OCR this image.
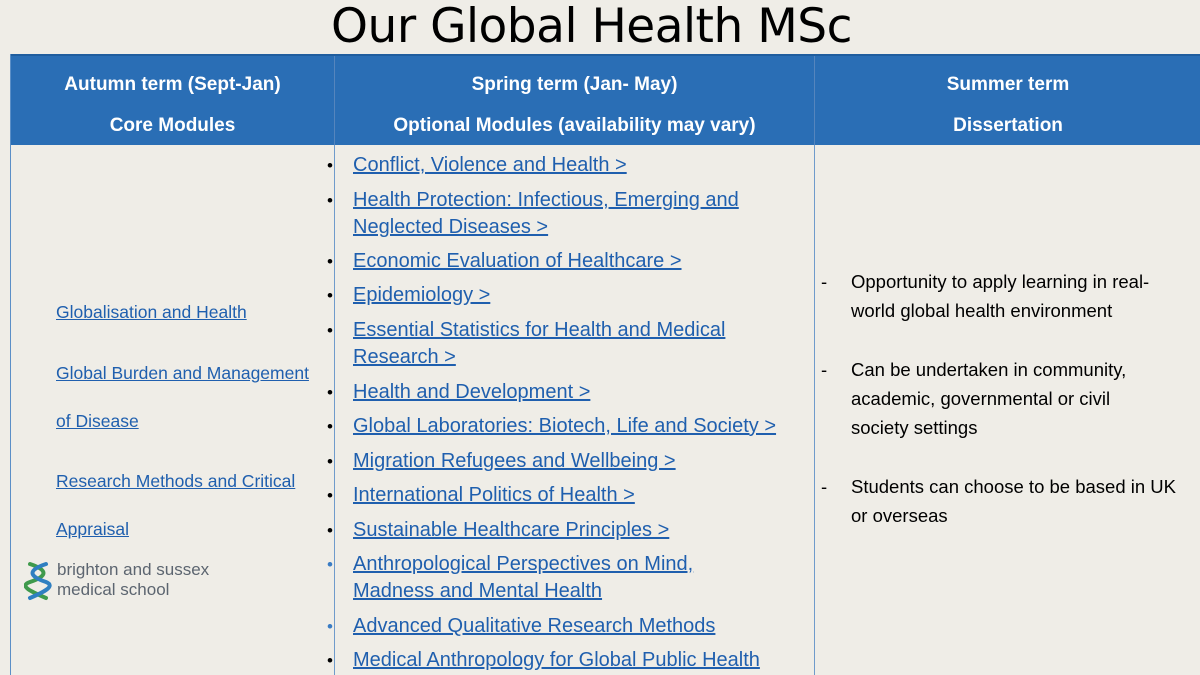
Our Global Health MSc
Autumn term (Sept-Jan)
Core Modules
Spring term (Jan- May)
Optional Modules (availability may vary)
Summer term
Dissertation
Globalisation and Health
Global Burden and Management
of Disease
Research Methods and Critical
Appraisal
• Conflict, Violence and Health >
• Health Protection: Infectious, Emerging and
Neglected Diseases >
• Economic Evaluation of Healthcare >
• Epidemiology >
• Essential Statistics for Health and Medical
Research >
• Health and Development >
• Global Laboratories: Biotech, Life and Society >
• Migration Refugees and Wellbeing >
• International Politics of Health >
• Sustainable Healthcare Principles >
• Anthropological Perspectives on Mind,
Madness and Mental Health
• Advanced Qualitative Research Methods
• Medical Anthropology for Global Public Health
- Opportunity to apply learning in real-
world global health environment
- Can be undertaken in community,
academic, governmental or civil
society settings
- Students can choose to be based in UK
or overseas
brighton and sussex
medical school
